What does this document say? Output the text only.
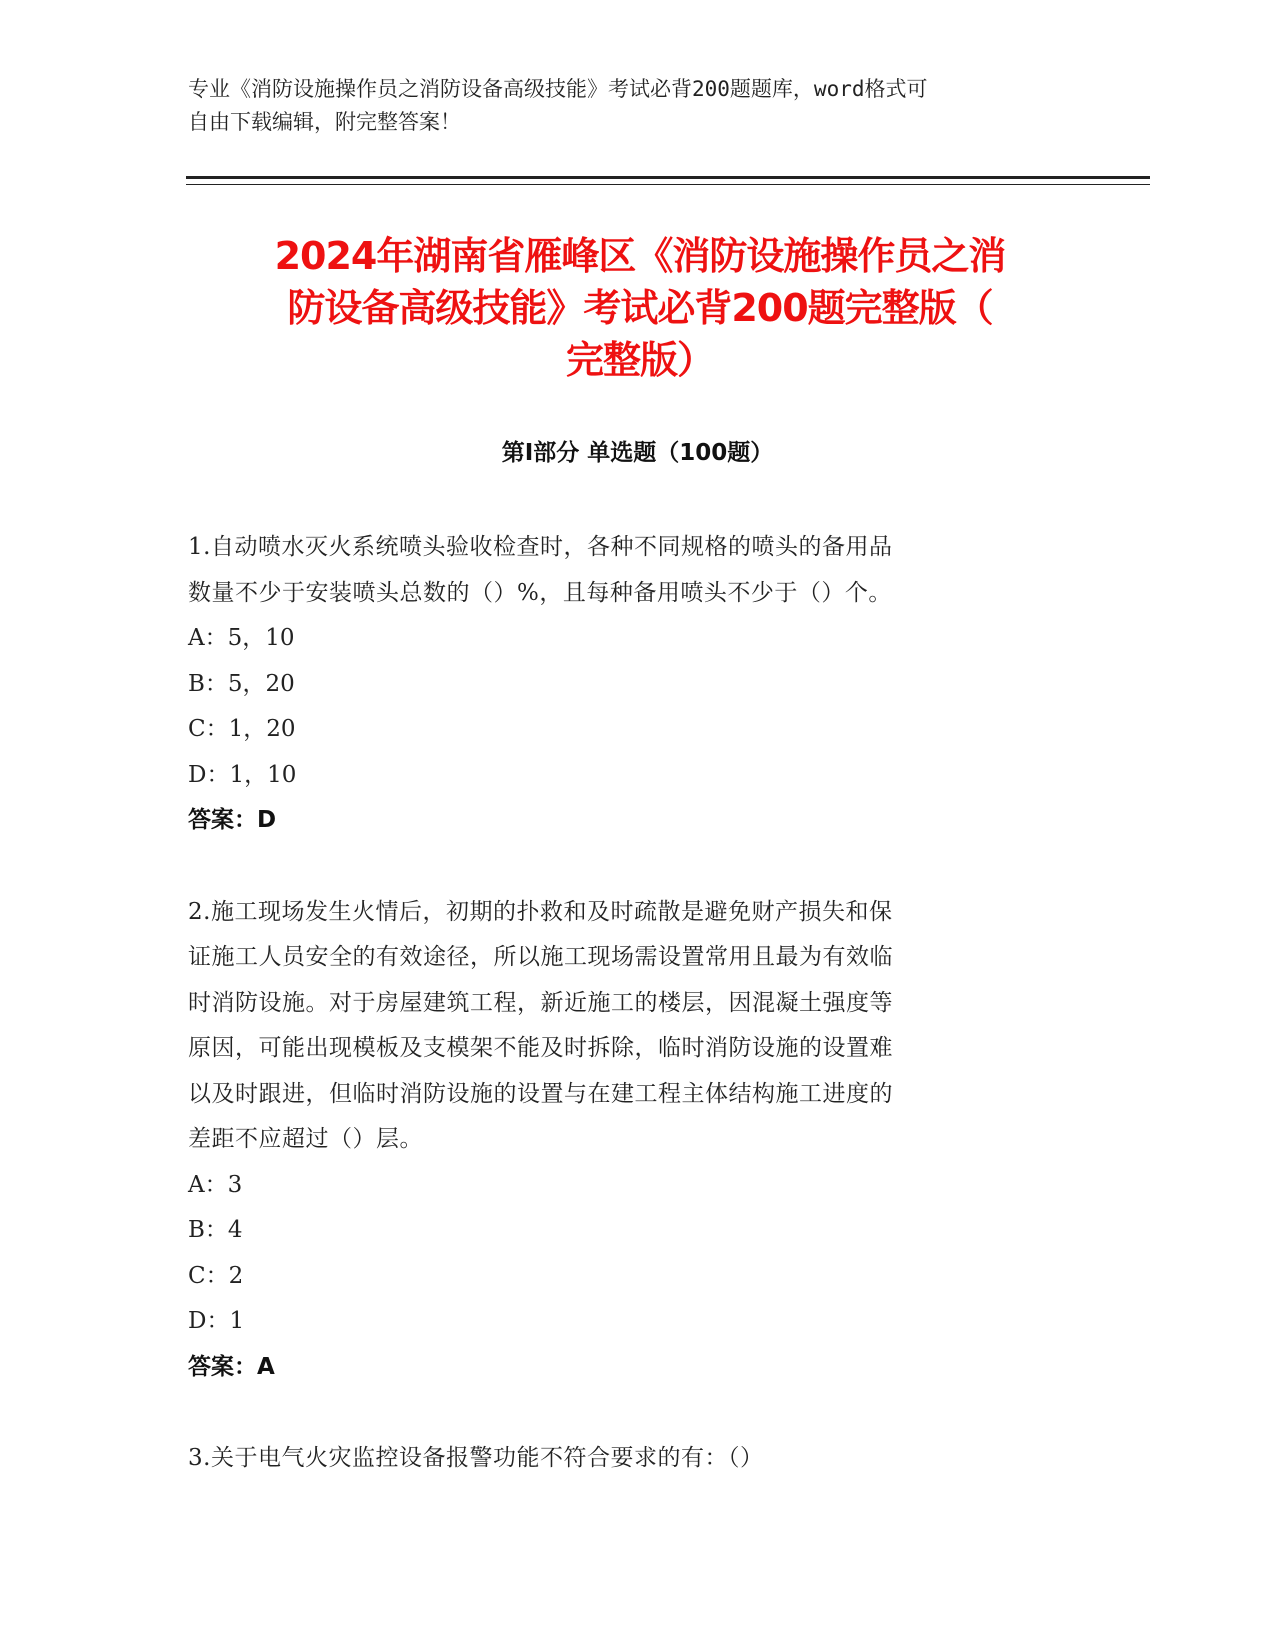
专业《消防设施操作员之消防设备高级技能》考试必背200题题库，word格式可
自由下载编辑，附完整答案！
2024年湖南省雁峰区《消防设施操作员之消
防设备高级技能》考试必背200题完整版（
完整版）
第Ⅰ部分 单选题（100题）
1.自动喷水灭火系统喷头验收检查时，各种不同规格的喷头的备用品
数量不少于安装喷头总数的（）%，且每种备用喷头不少于（）个。
A：5，10
B：5，20
C：1，20
D：1，10
答案：D
2.施工现场发生火情后，初期的扑救和及时疏散是避免财产损失和保
证施工人员安全的有效途径，所以施工现场需设置常用且最为有效临
时消防设施。对于房屋建筑工程，新近施工的楼层，因混凝土强度等
原因，可能出现模板及支模架不能及时拆除，临时消防设施的设置难
以及时跟进，但临时消防设施的设置与在建工程主体结构施工进度的
差距不应超过（）层。
A：3
B：4
C：2
D：1
答案：A
3.关于电气火灾监控设备报警功能不符合要求的有：（）
